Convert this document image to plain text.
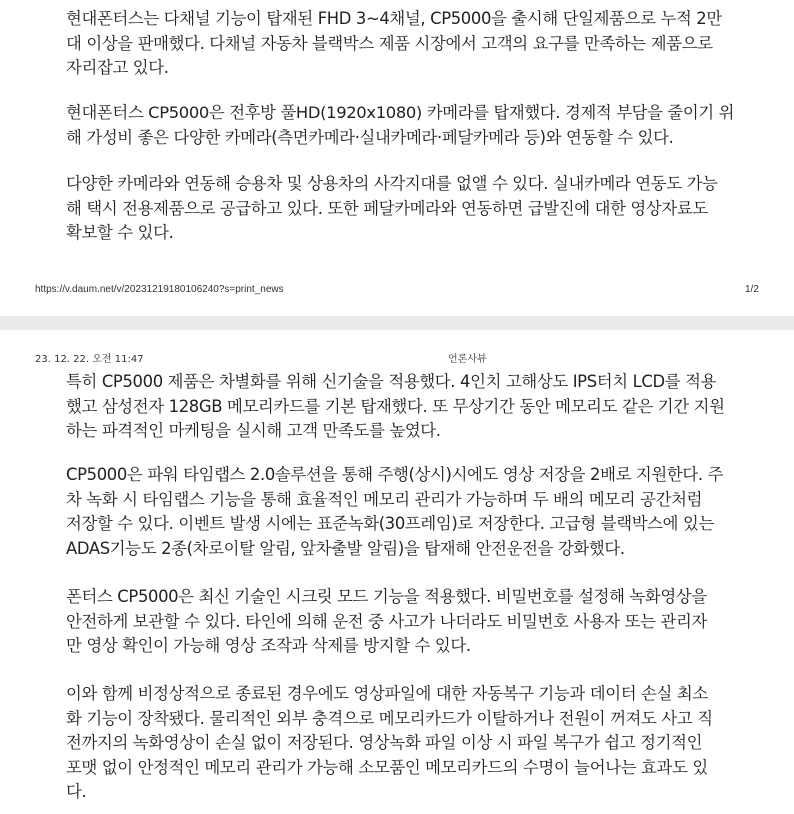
현대폰터스는 다채널 기능이 탑재된 FHD 3~4채널, CP5000을 출시해 단일제품으로 누적 2만
대 이상을 판매했다. 다채널 자동차 블랙박스 제품 시장에서 고객의 요구를 만족하는 제품으로
자리잡고 있다.

현대폰터스 CP5000은 전후방 풀HD(1920x1080) 카메라를 탑재했다. 경제적 부담을 줄이기 위
해 가성비 좋은 다양한 카메라(측면카메라·실내카메라·페달카메라 등)와 연동할 수 있다.

다양한 카메라와 연동해 승용차 및 상용차의 사각지대를 없앨 수 있다. 실내카메라 연동도 가능
해 택시 전용제품으로 공급하고 있다. 또한 페달카메라와 연동하면 급발진에 대한 영상자료도
확보할 수 있다.

https://v.daum.net/v/20231219180106240?s=print_news	1/2
23. 12. 22. 오전 11:47	언론사뷰

특히 CP5000 제품은 차별화를 위해 신기술을 적용했다. 4인치 고해상도 IPS터치 LCD를 적용
했고 삼성전자 128GB 메모리카드를 기본 탑재했다. 또 무상기간 동안 메모리도 같은 기간 지원
하는 파격적인 마케팅을 실시해 고객 만족도를 높였다.

CP5000은 파워 타임랩스 2.0솔루션을 통해 주행(상시)시에도 영상 저장을 2배로 지원한다. 주
차 녹화 시 타임랩스 기능을 통해 효율적인 메모리 관리가 가능하며 두 배의 메모리 공간처럼
저장할 수 있다. 이벤트 발생 시에는 표준녹화(30프레임)로 저장한다. 고급형 블랙박스에 있는
ADAS기능도 2종(차로이탈 알림, 앞차출발 알림)을 탑재해 안전운전을 강화했다.

폰터스 CP5000은 최신 기술인 시크릿 모드 기능을 적용했다. 비밀번호를 설정해 녹화영상을
안전하게 보관할 수 있다. 타인에 의해 운전 중 사고가 나더라도 비밀번호 사용자 또는 관리자
만 영상 확인이 가능해 영상 조작과 삭제를 방지할 수 있다.

이와 함께 비정상적으로 종료된 경우에도 영상파일에 대한 자동복구 기능과 데이터 손실 최소
화 기능이 장착됐다. 물리적인 외부 충격으로 메모리카드가 이탈하거나 전원이 꺼져도 사고 직
전까지의 녹화영상이 손실 없이 저장된다. 영상녹화 파일 이상 시 파일 복구가 쉽고 정기적인
포맷 없이 안정적인 메모리 관리가 가능해 소모품인 메모리카드의 수명이 늘어나는 효과도 있
다.
